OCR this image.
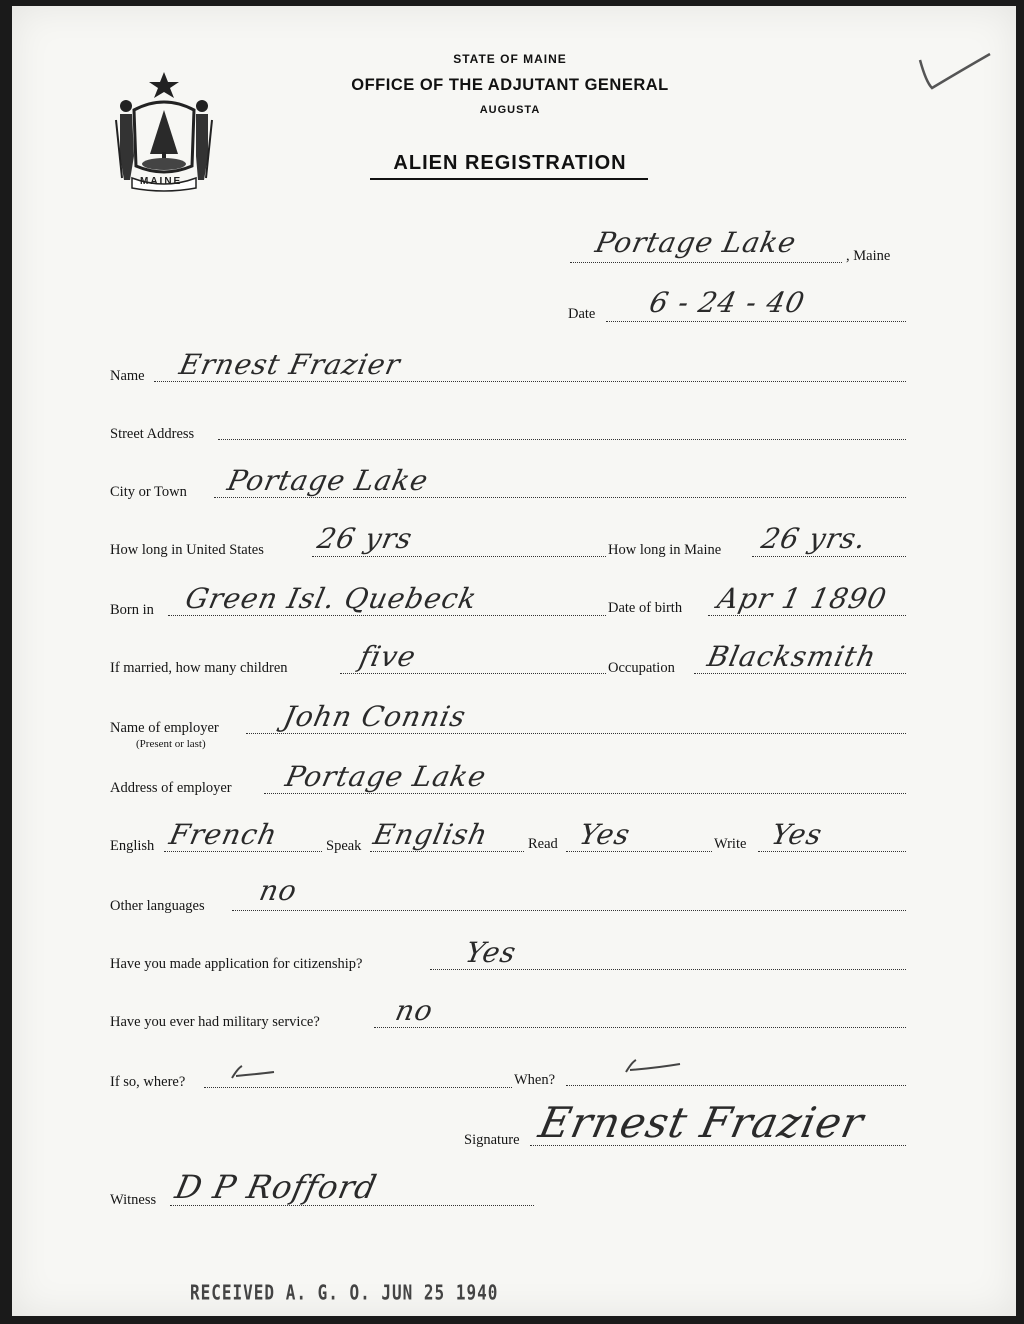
MAINE
STATE OF MAINE
OFFICE OF THE ADJUTANT GENERAL
AUGUSTA
ALIEN REGISTRATION
Portage Lake	, Maine
Date 6 - 24 - 40
Name Ernest Frazier
Street Address
City or Town Portage Lake
How long in United States 26 yrs	How long in Maine 26 yrs.
Born in Green Isl. Quebeck	Date of birth Apr 1 1890
If married, how many children five	Occupation Blacksmith
Name of employer
(Present or last)
John Connis
Address of employer Portage Lake
English French	Speak English	Read Yes	Write Yes
Other languages no
Have you made application for citizenship?	Yes
Have you ever had military service?	no
If so, where?	When?
Signature Ernest Frazier
Witness D P Rofford
RECEIVED A. G. O. JUN 25 1940
